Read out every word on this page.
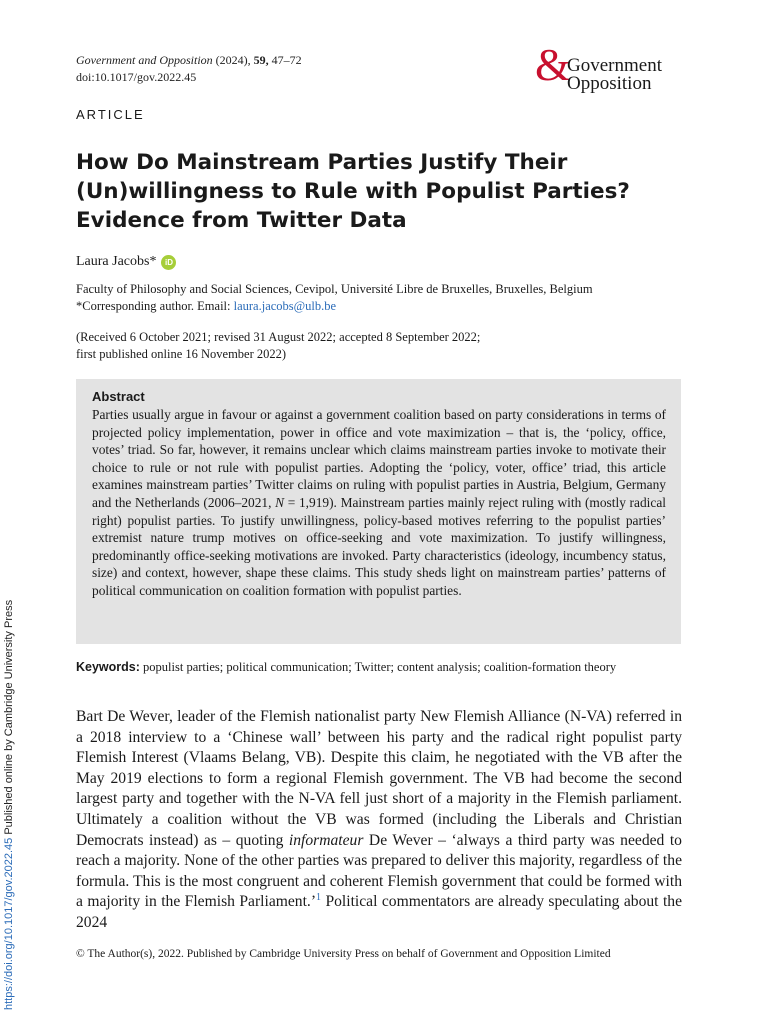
https://doi.org/10.1017/gov.2022.45 Published online by Cambridge University Press
Government and Opposition (2024), 59, 47–72
doi:10.1017/gov.2022.45	&
Government
Opposition
ARTICLE
How Do Mainstream Parties Justify Their
(Un)willingness to Rule with Populist Parties?
Evidence from Twitter Data
Laura Jacobs*	iD
Faculty of Philosophy and Social Sciences, Cevipol, Université Libre de Bruxelles, Bruxelles, Belgium
*Corresponding author. Email: laura.jacobs@ulb.be
(Received 6 October 2021; revised 31 August 2022; accepted 8 September 2022;
first published online 16 November 2022)
Abstract
Parties usually argue in favour or against a government coalition based on party considerations in terms of projected policy implementation, power in office and vote maximization – that is, the ‘policy, office, votes’ triad. So far, however, it remains unclear which claims mainstream parties invoke to motivate their choice to rule or not rule with populist parties. Adopting the ‘policy, voter, office’ triad, this article examines mainstream parties’ Twitter claims on ruling with populist parties in Austria, Belgium, Germany and the Netherlands (2006–2021, N = 1,919). Mainstream parties mainly reject ruling with (mostly radical right) populist parties. To justify unwillingness, policy-based motives referring to the populist parties’ extremist nature trump motives on office-seeking and vote maximization. To justify willingness, predominantly office-seeking motivations are invoked. Party characteristics (ideology, incumbency status, size) and context, however, shape these claims. This study sheds light on mainstream parties’ patterns of political communication on coalition formation with populist parties.
Keywords: populist parties; political communication; Twitter; content analysis; coalition-formation theory
Bart De Wever, leader of the Flemish nationalist party New Flemish Alliance (N-VA) referred in a 2018 interview to a ‘Chinese wall’ between his party and the radical right populist party Flemish Interest (Vlaams Belang, VB). Despite this claim, he negotiated with the VB after the May 2019 elections to form a regional Flemish government. The VB had become the second largest party and together with the N-VA fell just short of a majority in the Flemish parliament. Ultimately a coalition without the VB was formed (including the Liberals and Christian Democrats instead) as – quoting informateur De Wever – ‘always a third party was needed to reach a majority. None of the other parties was prepared to deliver this majority, regardless of the formula. This is the most congruent and coherent Flemish government that could be formed with a majority in the Flemish Parliament.’$^1$ Political commentators are already speculating about the 2024
© The Author(s), 2022. Published by Cambridge University Press on behalf of Government and Opposition Limited
